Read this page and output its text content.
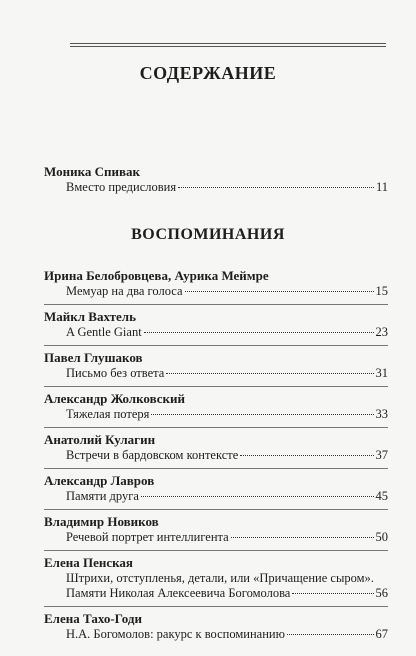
СОДЕРЖАНИЕ
Моника Спивак
Вместо предисловия	11
ВОСПОМИНАНИЯ
Ирина Белобровцева, Аурика Меймре
Мемуар на два голоса	15
Майкл Вахтель
A Gentle Giant	23
Павел Глушаков
Письмо без ответа	31
Александр Жолковский
Тяжелая потеря	33
Анатолий Кулагин
Встречи в бардовском контексте	37
Александр Лавров
Памяти друга	45
Владимир Новиков
Речевой портрет интеллигента	50
Елена Пенская
Штрихи, отступленья, детали, или «Причащение сыром».
Памяти Николая Алексеевича Богомолова	56
Елена Тахо-Годи
Н.А. Богомолов: ракурс к воспоминанию	67
